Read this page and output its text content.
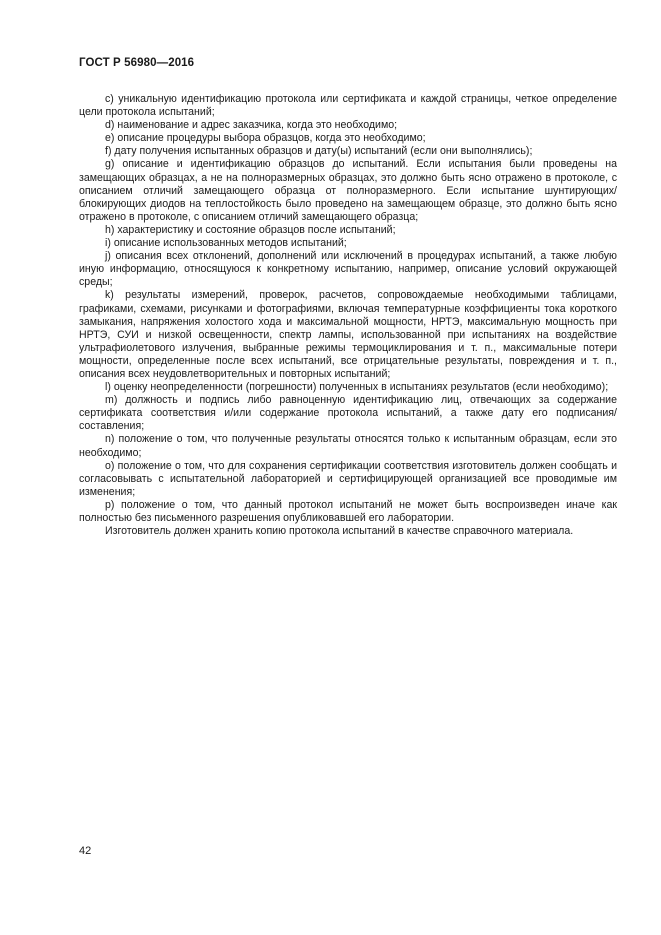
ГОСТ Р 56980—2016

c) уникальную идентификацию протокола или сертификата и каждой страницы, четкое определение цели протокола испытаний;

d) наименование и адрес заказчика, когда это необходимо;

e) описание процедуры выбора образцов, когда это необходимо;

f) дату получения испытанных образцов и дату(ы) испытаний (если они выполнялись);

g) описание и идентификацию образцов до испытаний. Если испытания были проведены на замещающих образцах, а не на полноразмерных образцах, это должно быть ясно отражено в протоколе, с описанием отличий замещающего образца от полноразмерного. Если испытание шунтирующих/блокирующих диодов на теплостойкость было проведено на замещающем образце, это должно быть ясно отражено в протоколе, с описанием отличий замещающего образца;

h) характеристику и состояние образцов после испытаний;

i) описание использованных методов испытаний;

j) описания всех отклонений, дополнений или исключений в процедурах испытаний, а также любую иную информацию, относящуюся к конкретному испытанию, например, описание условий окружающей среды;

k) результаты измерений, проверок, расчетов, сопровождаемые необходимыми таблицами, графиками, схемами, рисунками и фотографиями, включая температурные коэффициенты тока короткого замыкания, напряжения холостого хода и максимальной мощности, НРТЭ, максимальную мощность при НРТЭ, СУИ и низкой освещенности, спектр лампы, использованной при испытаниях на воздействие ультрафиолетового излучения, выбранные режимы термоциклирования и т. п., максимальные потери мощности, определенные после всех испытаний, все отрицательные результаты, повреждения и т. п., описания всех неудовлетворительных и повторных испытаний;

l) оценку неопределенности (погрешности) полученных в испытаниях результатов (если необходимо);

m) должность и подпись либо равноценную идентификацию лиц, отвечающих за содержание сертификата соответствия и/или содержание протокола испытаний, а также дату его подписания/составления;

n) положение о том, что полученные результаты относятся только к испытанным образцам, если это необходимо;

o) положение о том, что для сохранения сертификации соответствия изготовитель должен сообщать и согласовывать с испытательной лабораторией и сертифицирующей организацией все проводимые им изменения;

p) положение о том, что данный протокол испытаний не может быть воспроизведен иначе как полностью без письменного разрешения опубликовавшей его лаборатории.

Изготовитель должен хранить копию протокола испытаний в качестве справочного материала.

42
